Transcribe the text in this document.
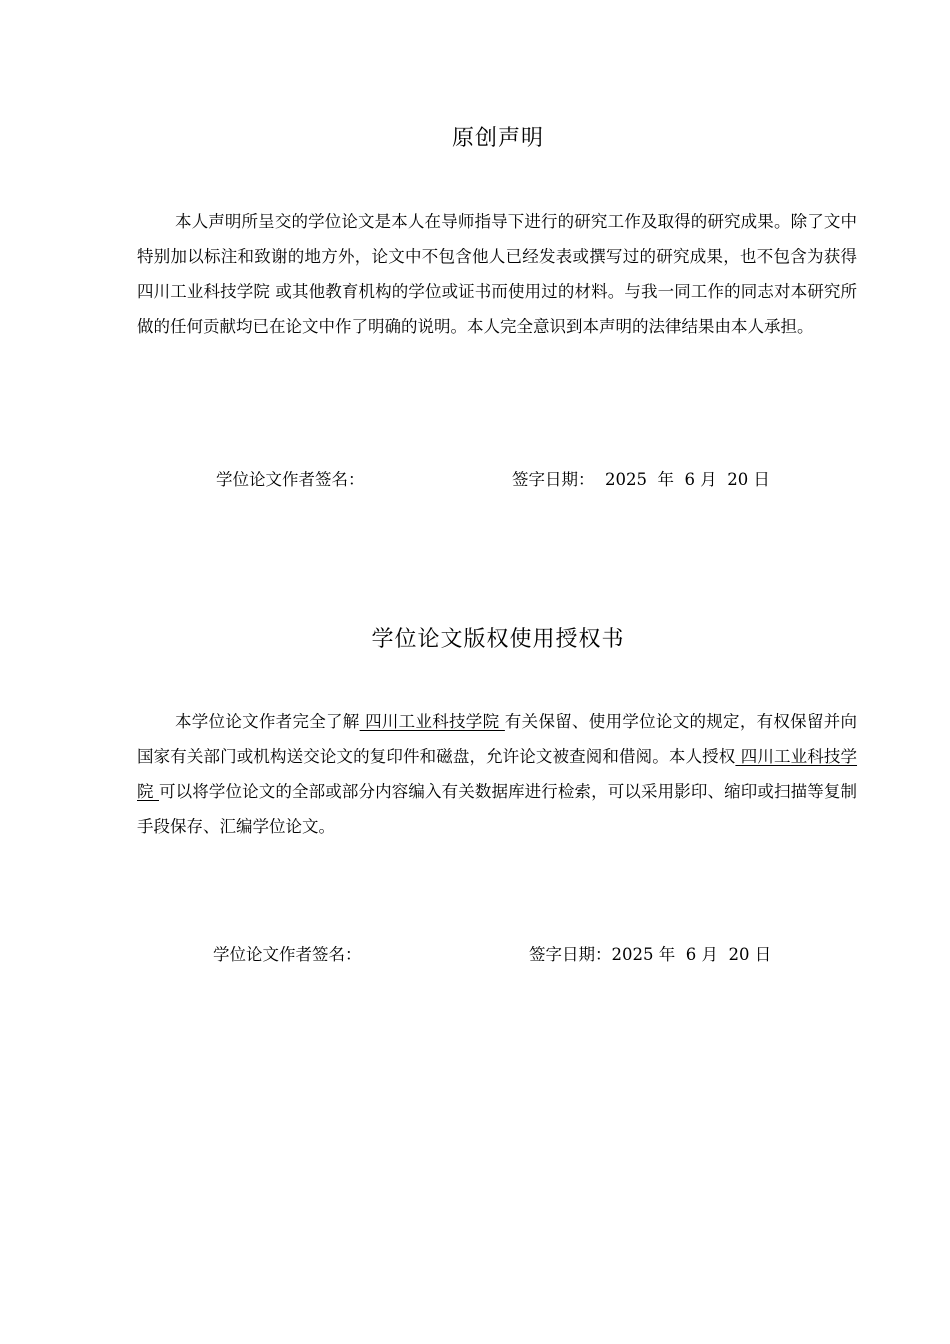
原创声明

本人声明所呈交的学位论文是本人在导师指导下进行的研究工作及取得的研究成果。除了文中特别加以标注和致谢的地方外，论文中不包含他人已经发表或撰写过的研究成果，也不包含为获得 四川工业科技学院 或其他教育机构的学位或证书而使用过的材料。与我一同工作的同志对本研究所做的任何贡献均已在论文中作了明确的说明。本人完全意识到本声明的法律结果由本人承担。

学位论文作者签名：	签字日期：  2025  年  6 月  20 日
学位论文版权使用授权书

本学位论文作者完全了解 四川工业科技学院 有关保留、使用学位论文的规定，有权保留并向国家有关部门或机构送交论文的复印件和磁盘，允许论文被查阅和借阅。本人授权 四川工业科技学院 可以将学位论文的全部或部分内容编入有关数据库进行检索，可以采用影印、缩印或扫描等复制手段保存、汇编学位论文。

学位论文作者签名：	签字日期：2025 年  6 月  20 日
